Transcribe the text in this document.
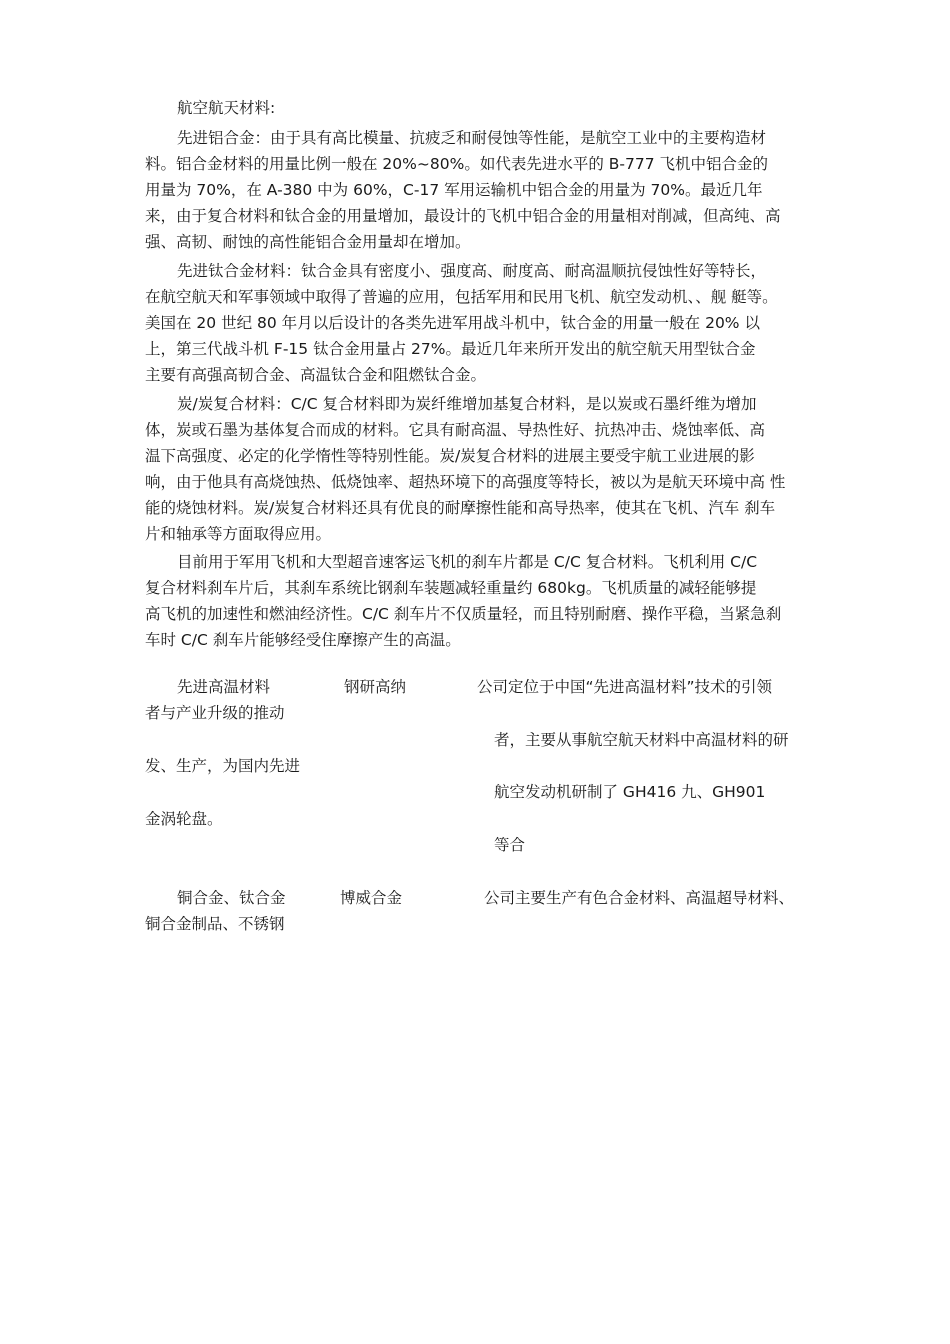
航空航天材料:
先进铝合金：由于具有高比模量、抗疲乏和耐侵蚀等性能，是航空工业中的主要构造材
料。铝合金材料的用量比例一般在 20%~80%。如代表先进水平的 B-777 飞机中铝合金的
用量为 70%，在 A-380 中为 60%，C-17 军用运输机中铝合金的用量为 70%。最近几年
来，由于复合材料和钛合金的用量增加，最设计的飞机中铝合金的用量相对削减，但高纯、高
强、高韧、耐蚀的高性能铝合金用量却在增加。
先进钛合金材料：钛合金具有密度小、强度高、耐度高、耐高温顺抗侵蚀性好等特长，
在航空航天和军事领域中取得了普遍的应用，包括军用和民用飞机、航空发动机、、舰 艇等。
美国在 20 世纪 80 年月以后设计的各类先进军用战斗机中，钛合金的用量一般在 20% 以
上，第三代战斗机 F-15 钛合金用量占 27%。最近几年来所开发出的航空航天用型钛合金
主要有高强高韧合金、高温钛合金和阻燃钛合金。
炭/炭复合材料：C/C 复合材料即为炭纤维增加基复合材料，是以炭或石墨纤维为增加
体，炭或石墨为基体复合而成的材料。它具有耐高温、导热性好、抗热冲击、烧蚀率低、高
温下高强度、必定的化学惰性等特别性能。炭/炭复合材料的进展主要受宇航工业进展的影
响，由于他具有高烧蚀热、低烧蚀率、超热环境下的高强度等特长，被以为是航天环境中高 性
能的烧蚀材料。炭/炭复合材料还具有优良的耐摩擦性能和高导热率，使其在飞机、汽车 刹车
片和轴承等方面取得应用。
目前用于军用飞机和大型超音速客运飞机的刹车片都是 C/C 复合材料。飞机利用 C/C
复合材料刹车片后，其刹车系统比钢刹车装题减轻重量约 680kg。飞机质量的减轻能够提
高飞机的加速性和燃油经济性。C/C 刹车片不仅质量轻，而且特别耐磨、操作平稳，当紧急刹
车时 C/C 刹车片能够经受住摩擦产生的高温。
先进高温材料	钢研高纳	公司定位于中国“先进高温材料”技术的引领
者与产业升级的推动
者，主要从事航空航天材料中高温材料的研
发、生产，为国内先进
航空发动机研制了 GH416 九、GH901
金涡轮盘。
等合
铜合金、钛合金	博威合金	公司主要生产有色合金材料、高温超导材料、
铜合金制品、不锈钢
